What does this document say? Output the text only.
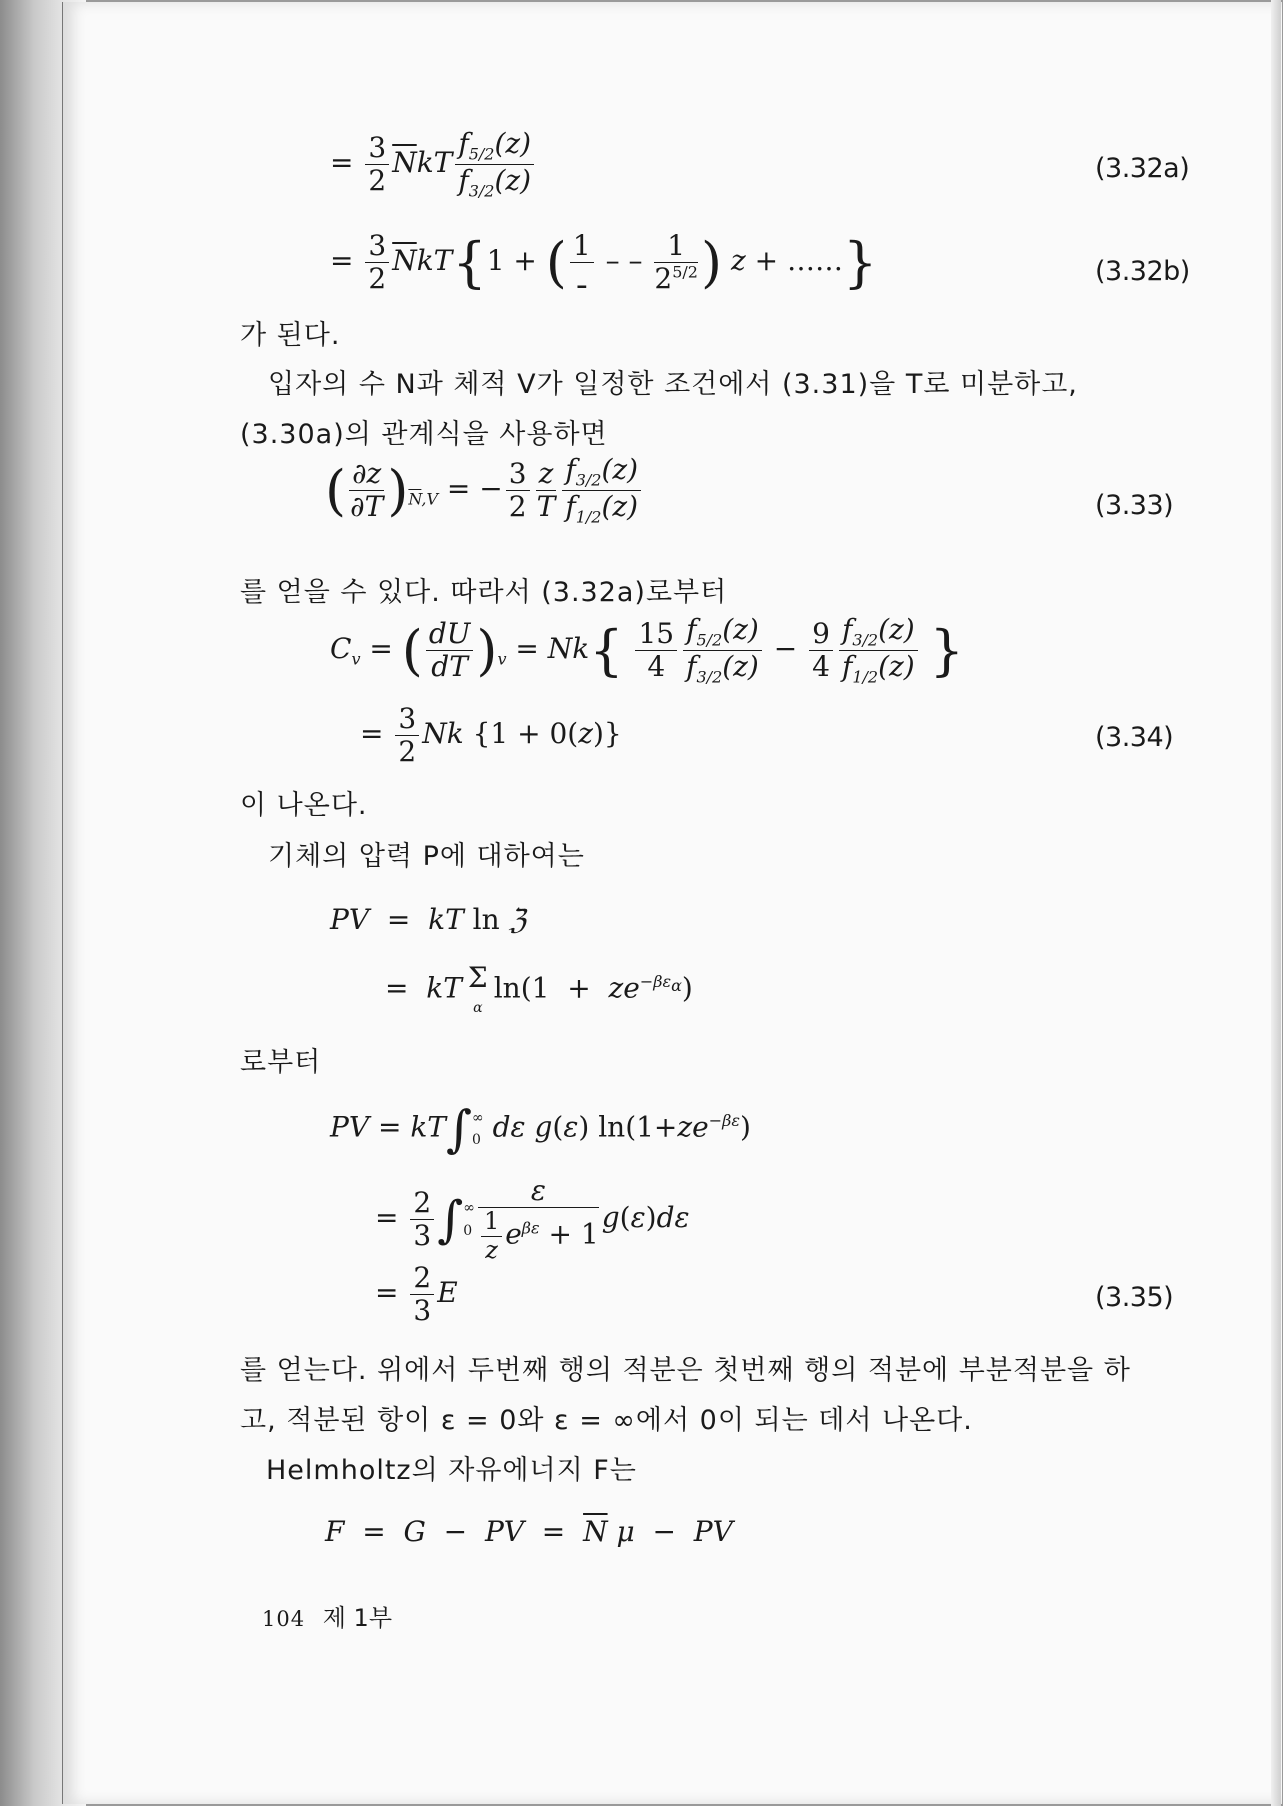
= $\frac{3}{2} \overline{N}kT \frac{f_{5/2}(z)}{f_{3/2}(z)}$	(3.32a)
= $\frac{3}{2} \overline{N}kT\{1$ + ( $\frac{1}{\text{​ـ}}$ – – $\frac{1}{2^{5/2}}$ ) z + ……}	(3.32b)
가 된다.
입자의 수 N과 체적 V가 일정한 조건에서 (3.31)을 T로 미분하고,
(3.30a)의 관계식을 사용하면
( $\frac{\partial z}{\partial T} )_{\overline{N},V}$ = − $\frac{3}{2} \frac{z}{T} \frac{f_{3/2}(z)}{f_{1/2}(z)}$	(3.33)
를 얻을 수 있다. 따라서 (3.32a)로부터
$C_v$ = ( $\frac{dU}{dT} )_v = Nk\{ \frac{15}{4} \frac{f_{5/2}(z)}{f_{3/2}(z)} - \frac{9}{4} \frac{f_{3/2}(z)}{f_{1/2}(z)}$ }
= $\frac{3}{2}$ Nk {1 + 0(z)}	(3.34)
이 나온다.
기체의 압력 P에 대하여는
PV  =  kT ln ℨ
=  kT Σ
$\alpha\ln(1 + ze^{-\beta\varepsilon_\alpha})$
로부터
PV = kT∫∞
0 dε g(ε) $\ln(1+ze^{-\beta\varepsilon})$
= $\frac{2}{3}$ ∫∞
$0 \frac{\varepsilon}{\frac{1}{z} e^{\beta\varepsilon} + 1} g(\varepsilon)d\varepsilon$
= $\frac{2}{3}$ E	(3.35)
를 얻는다. 위에서 두번째 행의 적분은 첫번째 행의 적분에 부분적분을 하
고, 적분된 항이 ε = 0와 ε = ∞에서 0이 되는 데서 나온다.
Helmholtz의 자유에너지 F는
F  =  G  −  PV  =  $\overline{N}$ μ  −  PV
104 제 1부
